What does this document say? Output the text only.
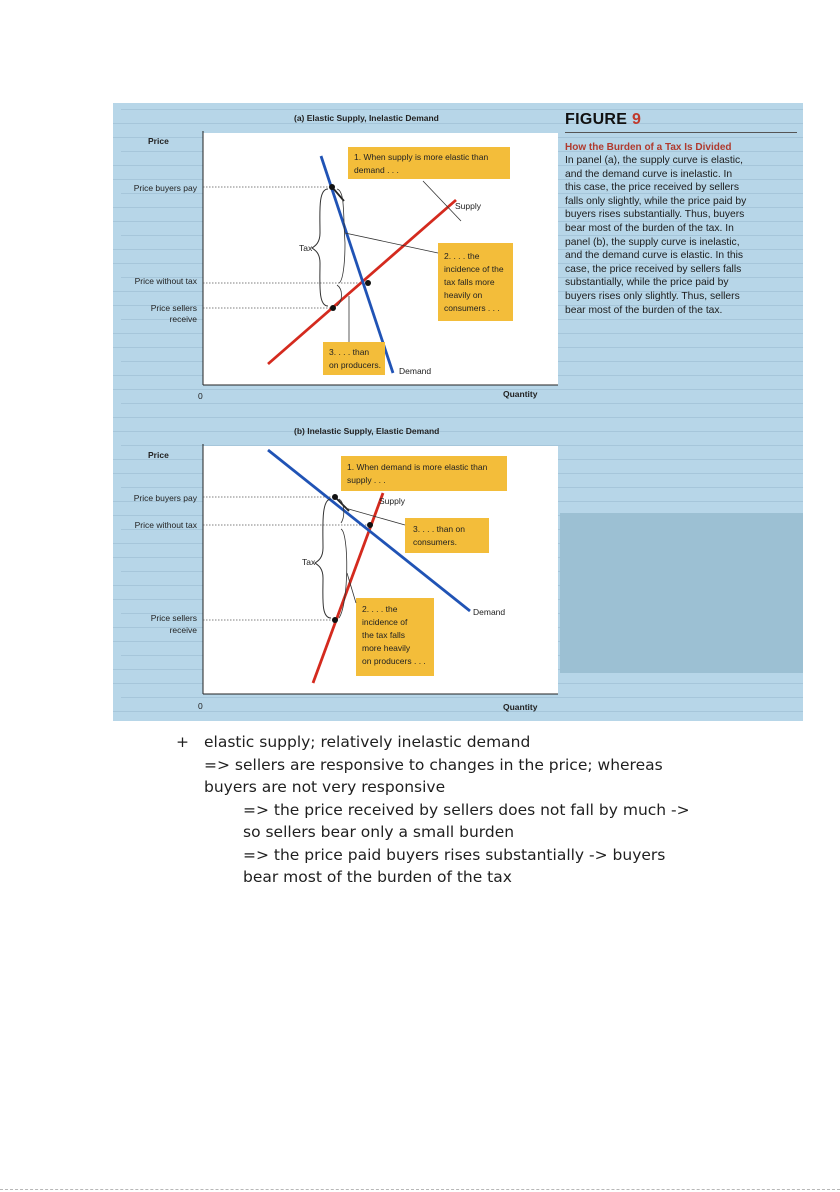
(a) Elastic Supply, Inelastic Demand
Price
Quantity
0
Price buyers pay
Price without tax
Price sellers
receive
Tax
Supply
Demand
1. When supply is more elastic than
demand . . .
2. . . . the
incidence of the
tax falls more
heavily on
consumers . . .
3. . . . than
on producers.
(b) Inelastic Supply, Elastic Demand
Price
Quantity
0
Price buyers pay
Price without tax
Price sellers
receive
Tax
Supply
Demand
1. When demand is more elastic than
supply . . .
3. . . . than on
consumers.
2. . . . the
incidence of
the tax falls
more heavily
on producers . . .
FIGURE 9
How the Burden of a Tax Is Divided
In panel (a), the supply curve is elastic,
and the demand curve is inelastic. In
this case, the price received by sellers
falls only slightly, while the price paid by
buyers rises substantially. Thus, buyers
bear most of the burden of the tax. In
panel (b), the supply curve is inelastic,
and the demand curve is elastic. In this
case, the price received by sellers falls
substantially, while the price paid by
buyers rises only slightly. Thus, sellers
bear most of the burden of the tax.
+ elastic supply; relatively inelastic demand
=> sellers are responsive to changes in the price; whereas
buyers are not very responsive
=> the price received by sellers does not fall by much ->
so sellers bear only a small burden
=> the price paid buyers rises substantially -> buyers
bear most of the burden of the tax
